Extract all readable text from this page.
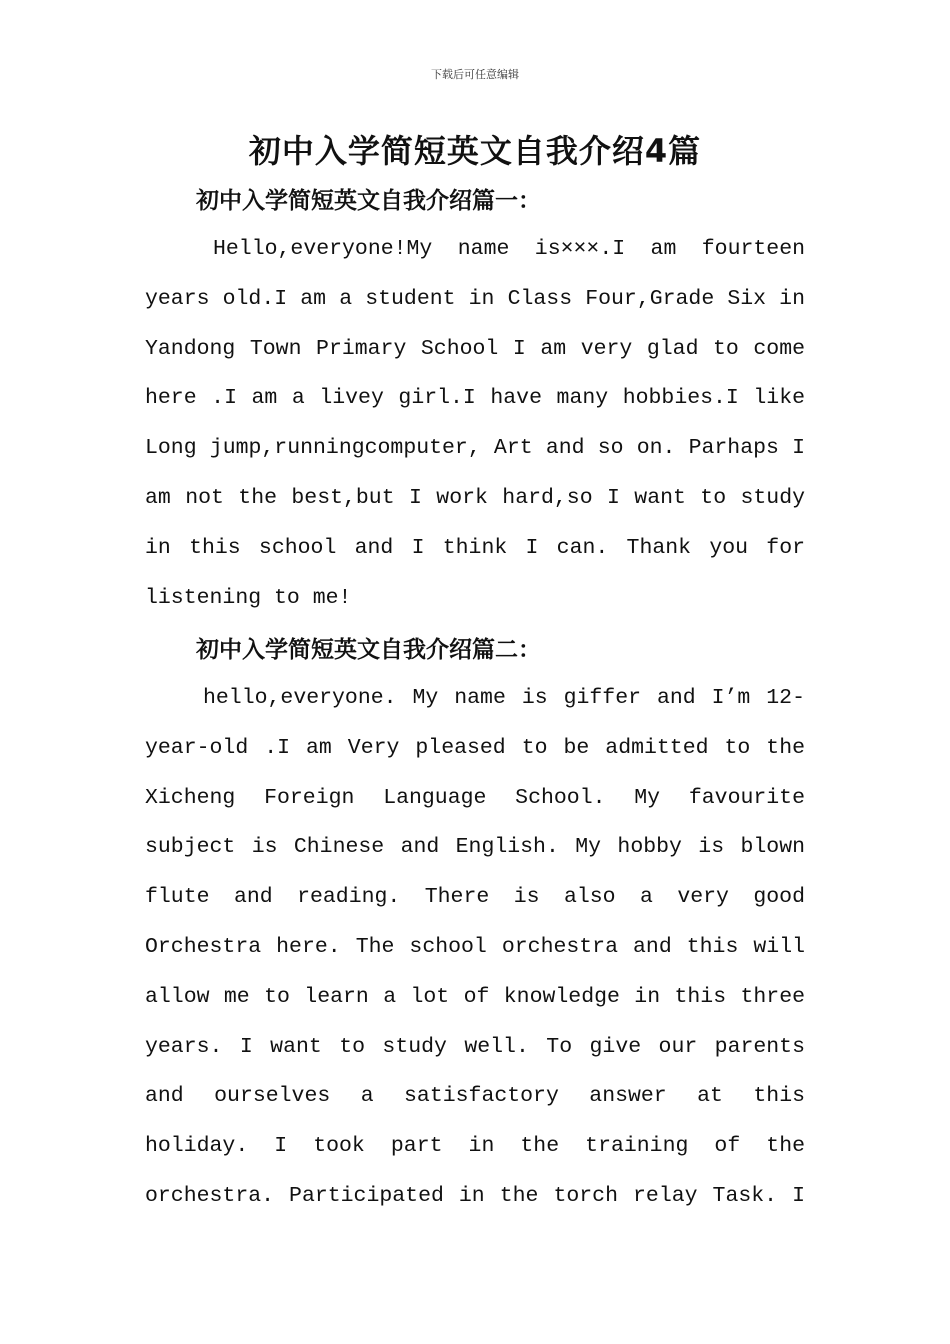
下载后可任意编辑
初中入学简短英文自我介绍4篇
初中入学简短英文自我介绍篇一：
Hello,everyone!My name is×××.I am fourteen
years old.I am a student in Class Four,Grade Six in
Yandong Town Primary School I am very glad to come
here .I am a livey girl.I have many hobbies.I like
Long jump,runningcomputer, Art and so on. Parhaps I
am not the best,but I work hard,so I want to study
in this school and I think I can. Thank you for
listening to me!
初中入学简短英文自我介绍篇二：
hello,everyone. My name is giffer and I’m 12-
year-old .I am Very pleased to be admitted to the
Xicheng Foreign Language School. My favourite
subject is Chinese and English. My hobby is blown
flute and reading. There is also a very good
Orchestra here. The school orchestra and this will
allow me to learn a lot of knowledge in this three
years. I want to study well. To give our parents
and ourselves a satisfactory answer at this
holiday. I took part in the training of the
orchestra. Participated in the torch relay Task. I
